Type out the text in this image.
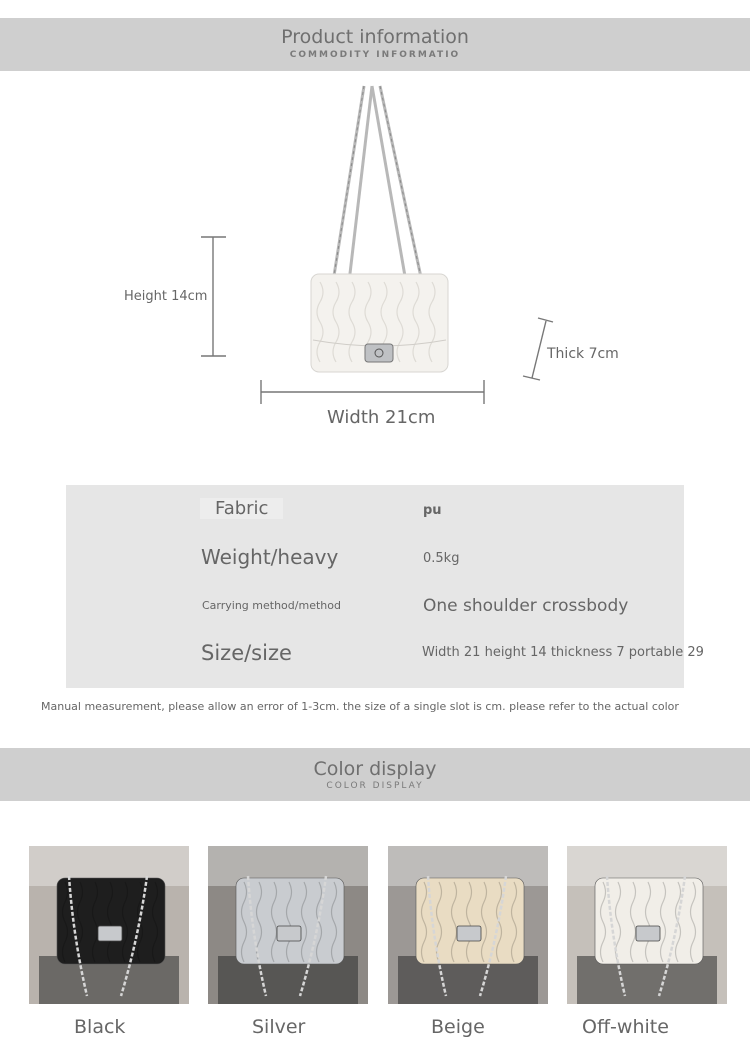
Product information
COMMODITY INFORMATIO
Height 14cm
Width 21cm
Thick 7cm
Fabric	pu
Weight/heavy	0.5kg
Carrying method/method	One shoulder crossbody
Size/size	Width 21 height 14 thickness 7 portable 29
Manual measurement, please allow an error of 1-3cm. the size of a single slot is cm. please refer to the actual color
Color display
COLOR DISPLAY
Black	Silver	Beige	Off-white
